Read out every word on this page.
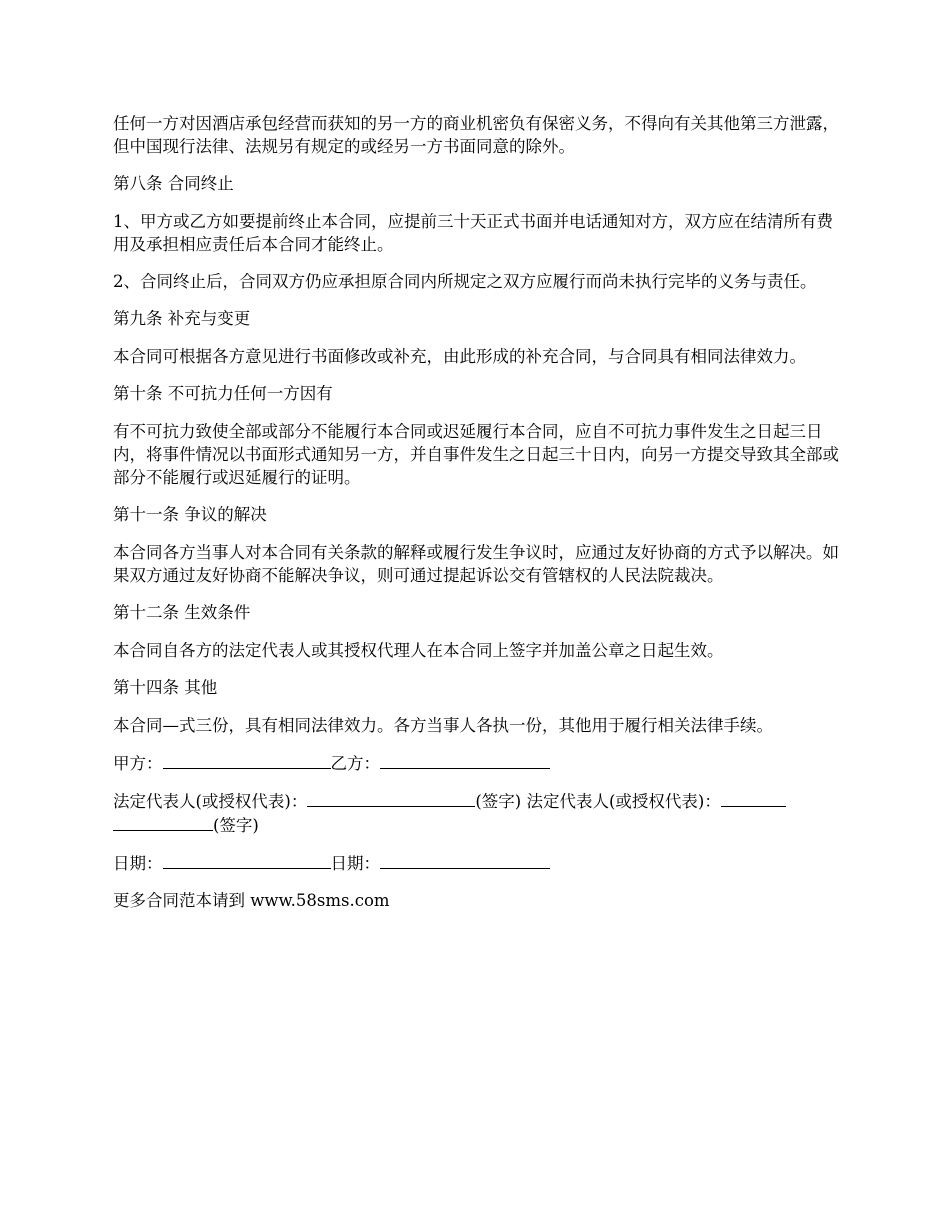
任何一方对因酒店承包经营而获知的另一方的商业机密负有保密义务，不得向有关其他第三方泄露，但中国现行法律、法规另有规定的或经另一方书面同意的除外。

第八条 合同终止

1、甲方或乙方如要提前终止本合同，应提前三十天正式书面并电话通知对方，双方应在结清所有费用及承担相应责任后本合同才能终止。

2、合同终止后，合同双方仍应承担原合同内所规定之双方应履行而尚未执行完毕的义务与责任。

第九条 补充与变更

本合同可根据各方意见进行书面修改或补充，由此形成的补充合同，与合同具有相同法律效力。

第十条 不可抗力任何一方因有

有不可抗力致使全部或部分不能履行本合同或迟延履行本合同，应自不可抗力事件发生之日起三日内，将事件情况以书面形式通知另一方，并自事件发生之日起三十日内，向另一方提交导致其全部或部分不能履行或迟延履行的证明。

第十一条 争议的解决

本合同各方当事人对本合同有关条款的解释或履行发生争议时，应通过友好协商的方式予以解决。如果双方通过友好协商不能解决争议，则可通过提起诉讼交有管辖权的人民法院裁决。

第十二条 生效条件

本合同自各方的法定代表人或其授权代理人在本合同上签字并加盖公章之日起生效。

第十四条 其他

本合同—式三份，具有相同法律效力。各方当事人各执一份，其他用于履行相关法律手续。

甲方：	乙方：

法定代表人(或授权代表)：	(签字) 法定代表人(或授权代表)：
(签字)

日期：	日期：

更多合同范本请到 www.58sms.com
